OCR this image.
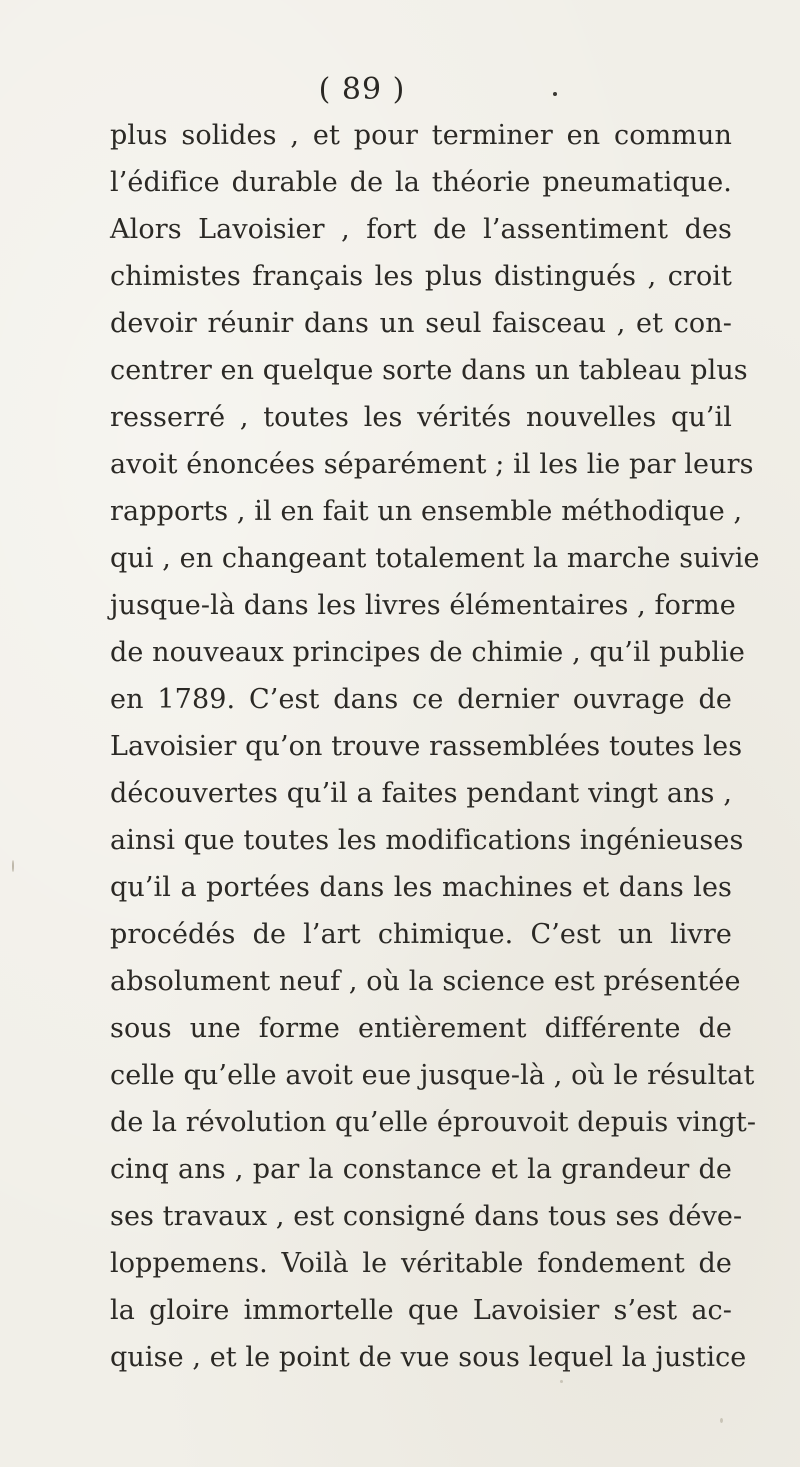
( 89 )
plus solides , et pour terminer en commun
l’édifice durable de la théorie pneumatique.
Alors Lavoisier , fort de l’assentiment des
chimistes français les plus distingués , croit
devoir réunir dans un seul faisceau , et con-
centrer en quelque sorte dans un tableau plus
resserré , toutes les vérités nouvelles qu’il
avoit énoncées séparément ; il les lie par leurs
rapports , il en fait un ensemble méthodique ,
qui , en changeant totalement la marche suivie
jusque-là dans les livres élémentaires , forme
de nouveaux principes de chimie , qu’il publie
en 1789. C’est dans ce dernier ouvrage de
Lavoisier qu’on trouve rassemblées toutes les
découvertes qu’il a faites pendant vingt ans ,
ainsi que toutes les modifications ingénieuses
qu’il a portées dans les machines et dans les
procédés de l’art chimique. C’est un livre
absolument neuf , où la science est présentée
sous une forme entièrement différente de
celle qu’elle avoit eue jusque-là , où le résultat
de la révolution qu’elle éprouvoit depuis vingt-
cinq ans , par la constance et la grandeur de
ses travaux , est consigné dans tous ses déve-
loppemens. Voilà le véritable fondement de
la gloire immortelle que Lavoisier s’est ac-
quise , et le point de vue sous lequel la justice
